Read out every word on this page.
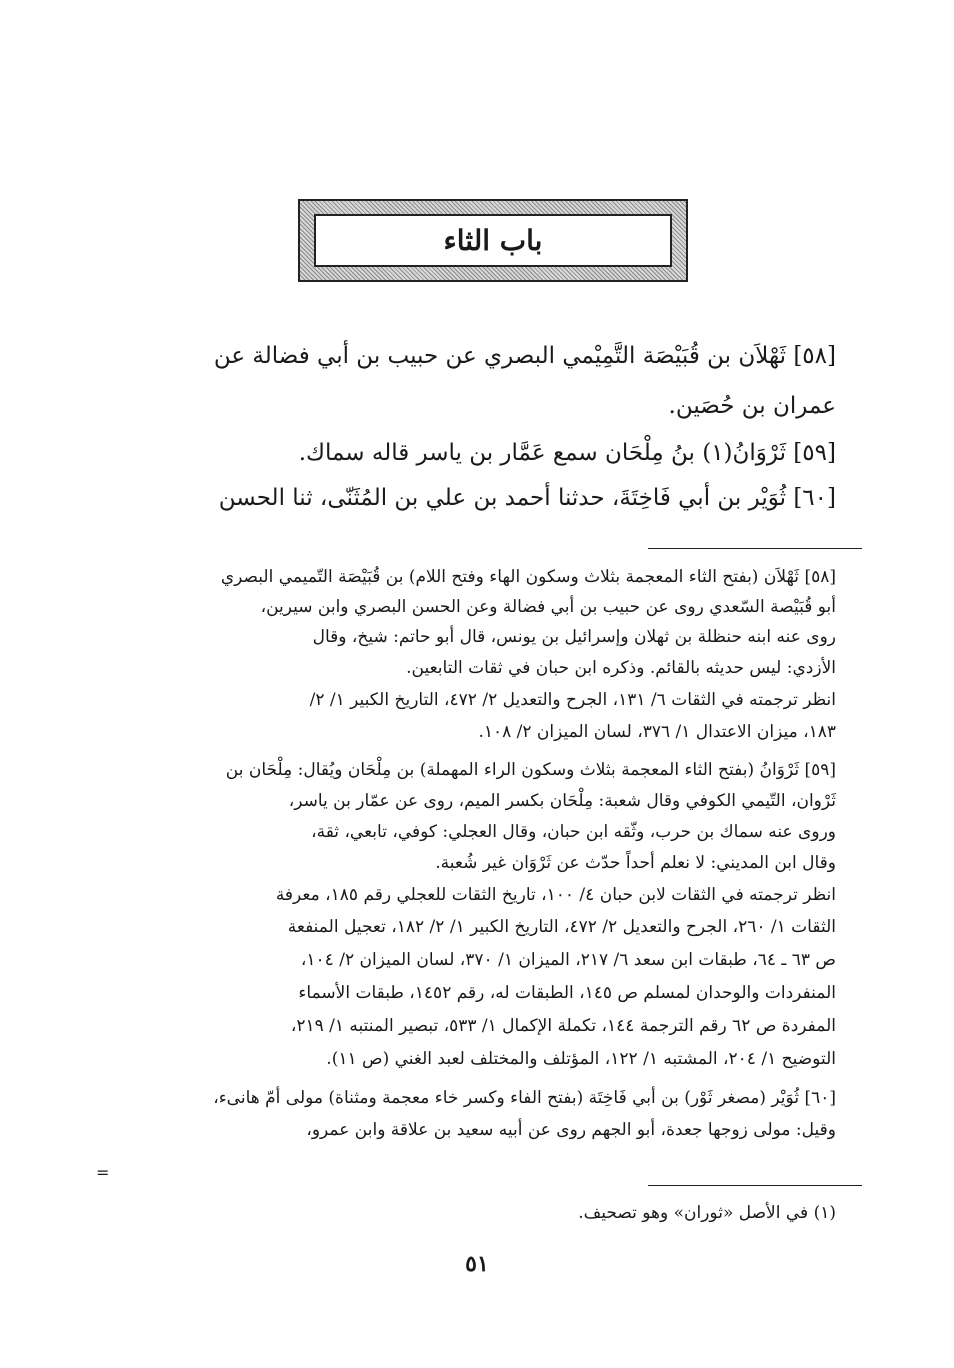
باب الثاء
[٥٨] ثَهْلاَن بن قُبَيْصَة التَّمِيْمي البصري عن حبيب بن أبي فضالة عن
عمران بن حُصَين.
[٥٩] ثَرْوَانُ(١) بنُ مِلْحَان سمع عَمَّار بن ياسر قاله سماك.
[٦٠] ثُوَيْر بن أبي فَاخِتَةَ، حدثنا أحمد بن علي بن المُثَنّى، ثنا الحسن
[٥٨] ثَهْلاَن (بفتح الثاء المعجمة بثلاث وسكون الهاء وفتح اللام) بن قُبَيْصَة التّميمي البصري
أبو قُبَيْصة السّعدي روى عن حبيب بن أبي فضالة وعن الحسن البصري وابن سيرين،
روى عنه ابنه حنظلة بن ثهلان وإسرائيل بن يونس، قال أبو حاتم: شيخ، وقال
الأزدي: ليس حديثه بالقائم. وذكره ابن حبان في ثقات التابعين.
انظر ترجمته في الثقات ٦/ ١٣١، الجرح والتعديل ٢/ ٤٧٢، التاريخ الكبير ١/ ٢/
١٨٣، ميزان الاعتدال ١/ ٣٧٦، لسان الميزان ٢/ ١٠٨.
[٥٩] ثَرْوَانُ (بفتح الثاء المعجمة بثلاث وسكون الراء المهملة) بن مِلْحَان ويُقال: مِلْحَان بن
ثَرْوان، التّيمي الكوفي وقال شعبة: مِلْحَان بكسر الميم، روى عن عمّار بن ياسر،
وروى عنه سماك بن حرب، وثّقه ابن حبان، وقال العجلي: كوفي، تابعي، ثقة،
وقال ابن المديني: لا نعلم أحداً حدّث عن ثَرْوَان غير شُعبة.
انظر ترجمته في الثقات لابن حبان ٤/ ١٠٠، تاريخ الثقات للعجلي رقم ١٨٥، معرفة
الثقات ١/ ٢٦٠، الجرح والتعديل ٢/ ٤٧٢، التاريخ الكبير ١/ ٢/ ١٨٢، تعجيل المنفعة
ص ٦٣ ـ ٦٤، طبقات ابن سعد ٦/ ٢١٧، الميزان ١/ ٣٧٠، لسان الميزان ٢/ ١٠٤،
المنفردات والوحدان لمسلم ص ١٤٥، الطبقات له، رقم ١٤٥٢، طبقات الأسماء
المفردة ص ٦٢ رقم الترجمة ١٤٤، تكملة الإكمال ١/ ٥٣٣، تبصير المنتبه ١/ ٢١٩،
التوضيح ١/ ٢٠٤، المشتبه ١/ ١٢٢، المؤتلف والمختلف لعبد الغني (ص ١١).
[٦٠] ثُوَيْر (مصغر ثَوْر) بن أبي فَاخِتَة (بفتح الفاء وكسر خاء معجمة ومثناة) مولى أمّ هانىء،
وقيل: مولى زوجها جعدة، أبو الجهم روى عن أبيه سعيد بن علاقة وابن عمرو،
=
(١) في الأصل «ثوران» وهو تصحيف.
٥١
